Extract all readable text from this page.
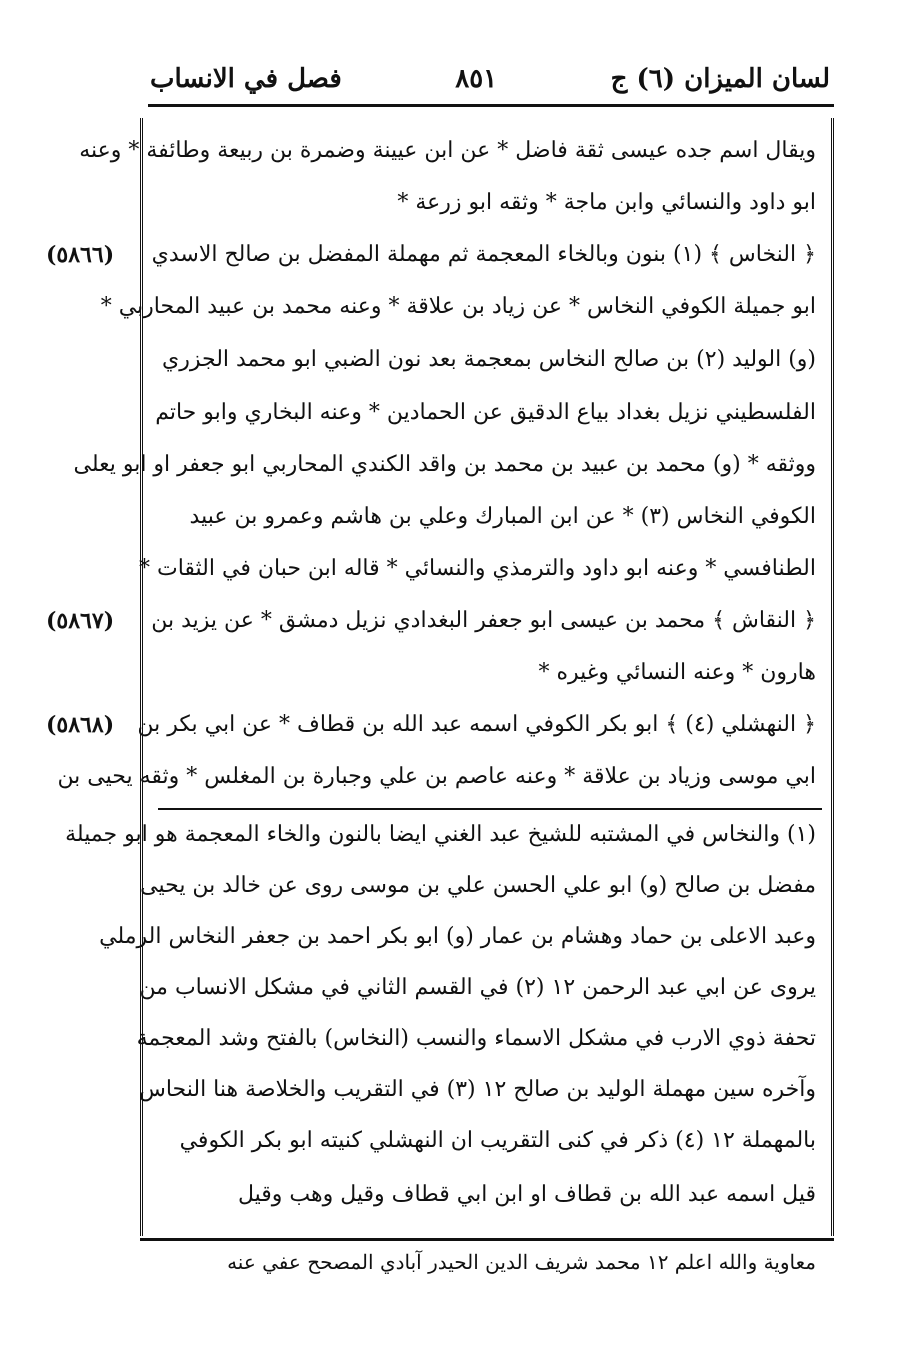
لسان الميزان (٦) ج
٨٥١
فصل في الانساب
(٥٨٦٦)
(٥٨٦٧)
(٥٨٦٨)
ويقال اسم جده عيسى ثقة فاضل * عن ابن عيينة وضمرة بن ربيعة وطائفة * وعنه
ابو داود والنسائي وابن ماجة * وثقه ابو زرعة *
﴿ النخاس ﴾ (١) بنون وبالخاء المعجمة ثم مهملة المفضل بن صالح الاسدي
ابو جميلة الكوفي النخاس * عن زياد بن علاقة * وعنه محمد بن عبيد المحاربي *
(و) الوليد (٢) بن صالح النخاس بمعجمة بعد نون الضبي ابو محمد الجزري
الفلسطيني نزيل بغداد بياع الدقيق عن الحمادين * وعنه البخاري وابو حاتم
ووثقه * (و) محمد بن عبيد بن محمد بن واقد الكندي المحاربي ابو جعفر او ابو يعلى
الكوفي النخاس (٣) * عن ابن المبارك وعلي بن هاشم وعمرو بن عبيد
الطنافسي * وعنه ابو داود والترمذي والنسائي * قاله ابن حبان في الثقات *
﴿ النقاش ﴾ محمد بن عيسى ابو جعفر البغدادي نزيل دمشق * عن يزيد بن
هارون * وعنه النسائي وغيره *
﴿ النهشلي (٤) ﴾ ابو بكر الكوفي اسمه عبد الله بن قطاف * عن ابي بكر بن
ابي موسى وزياد بن علاقة * وعنه عاصم بن علي وجبارة بن المغلس * وثقه يحيى بن
(١) والنخاس في المشتبه للشيخ عبد الغني ايضا بالنون والخاء المعجمة هو ابو جميلة
مفضل بن صالح (و) ابو علي الحسن علي بن موسى روى عن خالد بن يحيى
وعبد الاعلى بن حماد وهشام بن عمار (و) ابو بكر احمد بن جعفر النخاس الرملي
يروى عن ابي عبد الرحمن ١٢ (٢) في القسم الثاني في مشكل الانساب من
تحفة ذوي الارب في مشكل الاسماء والنسب (النخاس) بالفتح وشد المعجمة
وآخره سين مهملة الوليد بن صالح ١٢ (٣) في التقريب والخلاصة هنا النحاس
بالمهملة ١٢ (٤) ذكر في كنى التقريب ان النهشلي كنيته ابو بكر الكوفي
قيل اسمه عبد الله بن قطاف او ابن ابي قطاف وقيل وهب وقيل
معاوية والله اعلم ١٢ محمد شريف الدين الحيدر آبادي المصحح عفي عنه
